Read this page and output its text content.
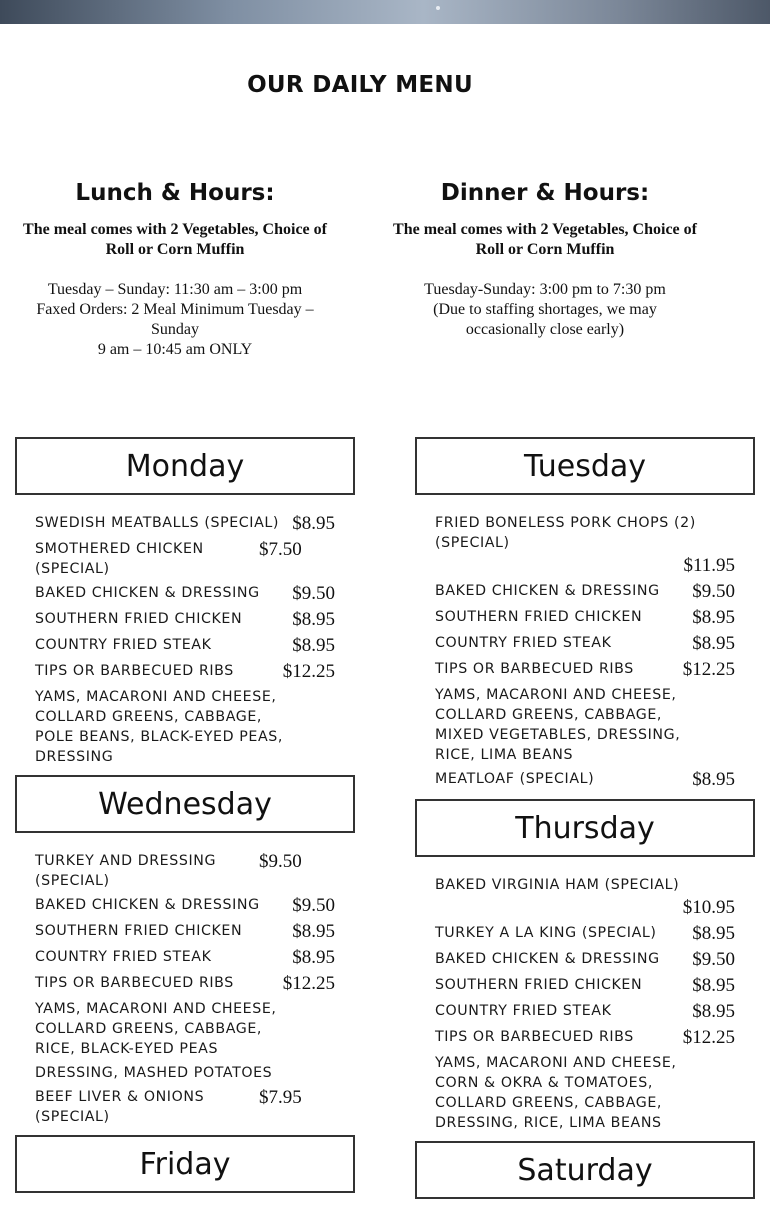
OUR DAILY MENU
Lunch & Hours:

The meal comes with 2 Vegetables, Choice of Roll or Corn Muffin

Tuesday – Sunday: 11:30 am – 3:00 pm
Faxed Orders: 2 Meal Minimum Tuesday – Sunday
9 am – 10:45 am ONLY
Dinner & Hours:

The meal comes with 2 Vegetables, Choice of Roll or Corn Muffin

Tuesday-Sunday: 3:00 pm to 7:30 pm
(Due to staffing shortages, we may occasionally close early)
Monday
SWEDISH MEATBALLS (SPECIAL) $8.95
SMOTHERED CHICKEN (SPECIAL)
$7.50
BAKED CHICKEN & DRESSING	$9.50
SOUTHERN FRIED CHICKEN	$8.95
COUNTRY FRIED STEAK	$8.95
TIPS OR BARBECUED RIBS	$12.25
YAMS, MACARONI AND CHEESE, COLLARD GREENS, CABBAGE, POLE BEANS, BLACK-EYED PEAS, DRESSING
Wednesday
TURKEY AND DRESSING (SPECIAL)
$9.50
BAKED CHICKEN & DRESSING	$9.50
SOUTHERN FRIED CHICKEN	$8.95
COUNTRY FRIED STEAK	$8.95
TIPS OR BARBECUED RIBS	$12.25
YAMS, MACARONI AND CHEESE, COLLARD GREENS, CABBAGE, RICE, BLACK-EYED PEAS
DRESSING, MASHED POTATOES
BEEF LIVER & ONIONS (SPECIAL)
$7.95
Friday
Tuesday
FRIED BONELESS PORK CHOPS (2)(SPECIAL)
$11.95
BAKED CHICKEN & DRESSING	$9.50
SOUTHERN FRIED CHICKEN	$8.95
COUNTRY FRIED STEAK	$8.95
TIPS OR BARBECUED RIBS	$12.25
YAMS, MACARONI AND CHEESE, COLLARD GREENS, CABBAGE, MIXED VEGETABLES, DRESSING, RICE, LIMA BEANS
MEATLOAF (SPECIAL)	$8.95
Thursday
BAKED VIRGINIA HAM (SPECIAL)
$10.95
TURKEY A LA KING (SPECIAL)	$8.95
BAKED CHICKEN & DRESSING	$9.50
SOUTHERN FRIED CHICKEN	$8.95
COUNTRY FRIED STEAK	$8.95
TIPS OR BARBECUED RIBS	$12.25
YAMS, MACARONI AND CHEESE, CORN & OKRA & TOMATOES, COLLARD GREENS, CABBAGE, DRESSING, RICE, LIMA BEANS
Saturday
